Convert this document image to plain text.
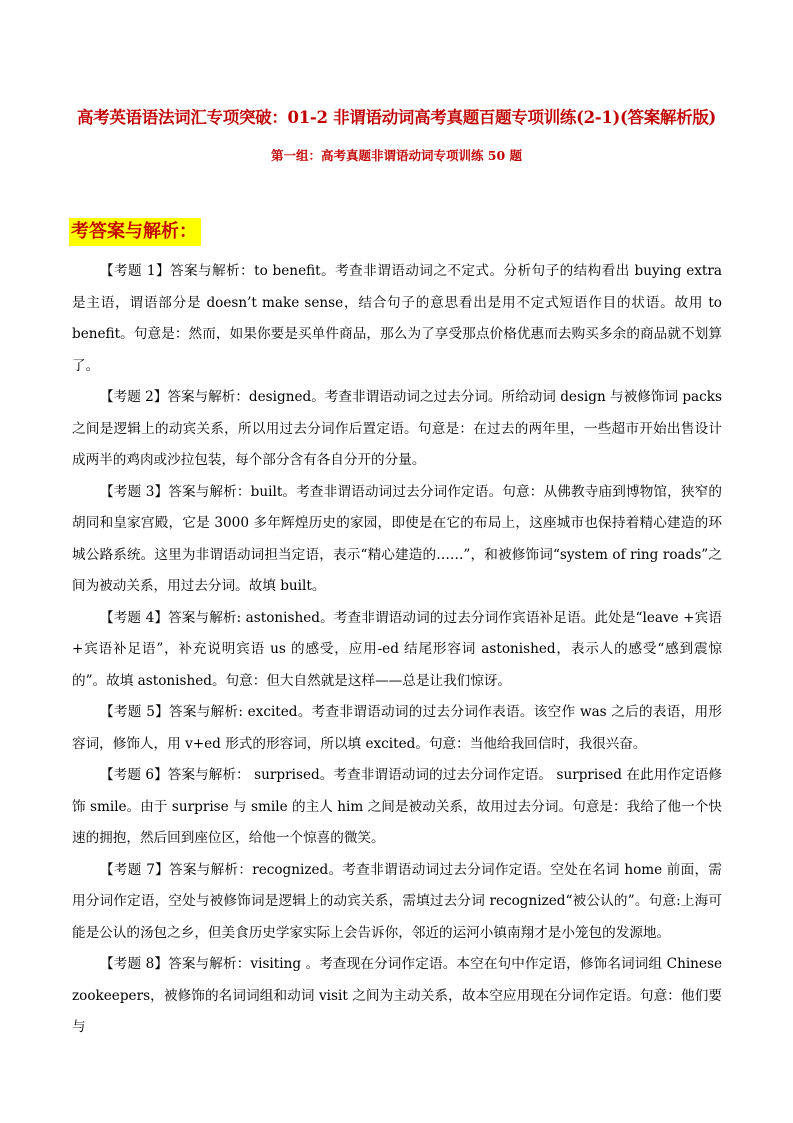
高考英语语法词汇专项突破：01-2 非谓语动词高考真题百题专项训练(2-1)(答案解析版)
第一组：高考真题非谓语动词专项训练 50 题
考答案与解析：

【考题 1】答案与解析：to benefit。考查非谓语动词之不定式。分析句子的结构看出 buying extra 是主语，谓语部分是 doesn’t make sense，结合句子的意思看出是用不定式短语作目的状语。故用 to benefit。句意是：然而，如果你要是买单件商品，那么为了享受那点价格优惠而去购买多余的商品就不划算了。

【考题 2】答案与解析：designed。考查非谓语动词之过去分词。所给动词 design 与被修饰词 packs 之间是逻辑上的动宾关系，所以用过去分词作后置定语。句意是：在过去的两年里，一些超市开始出售设计成两半的鸡肉或沙拉包装，每个部分含有各自分开的分量。

【考题 3】答案与解析：built。考查非谓语动词过去分词作定语。句意：从佛教寺庙到博物馆，狭窄的胡同和皇家宫殿，它是 3000 多年辉煌历史的家园，即使是在它的布局上，这座城市也保持着精心建造的环城公路系统。这里为非谓语动词担当定语，表示“精心建造的……”，和被修饰词“system of ring roads”之间为被动关系，用过去分词。故填 built。

【考题 4】答案与解析: astonished。考查非谓语动词的过去分词作宾语补足语。此处是“leave +宾语+宾语补足语”，补充说明宾语 us 的感受，应用-ed 结尾形容词 astonished，表示人的感受“感到震惊的”。故填 astonished。句意：但大自然就是这样——总是让我们惊讶。

【考题 5】答案与解析: excited。考查非谓语动词的过去分词作表语。该空作 was 之后的表语，用形容词，修饰人，用 v+ed 形式的形容词，所以填 excited。句意：当他给我回信时，我很兴奋。

【考题 6】答案与解析： surprised。考查非谓语动词的过去分词作定语。 surprised 在此用作定语修饰 smile。由于 surprise 与 smile 的主人 him 之间是被动关系，故用过去分词。句意是：我给了他一个快速的拥抱，然后回到座位区，给他一个惊喜的微笑。

【考题 7】答案与解析：recognized。考查非谓语动词过去分词作定语。空处在名词 home 前面，需用分词作定语，空处与被修饰词是逻辑上的动宾关系，需填过去分词 recognized“被公认的”。句意:上海可能是公认的汤包之乡，但美食历史学家实际上会告诉你，邻近的运河小镇南翔才是小笼包的发源地。

【考题 8】答案与解析：visiting 。考查现在分词作定语。本空在句中作定语，修饰名词词组 Chinese zookeepers，被修饰的名词词组和动词 visit 之间为主动关系，故本空应用现在分词作定语。句意：他们要与
